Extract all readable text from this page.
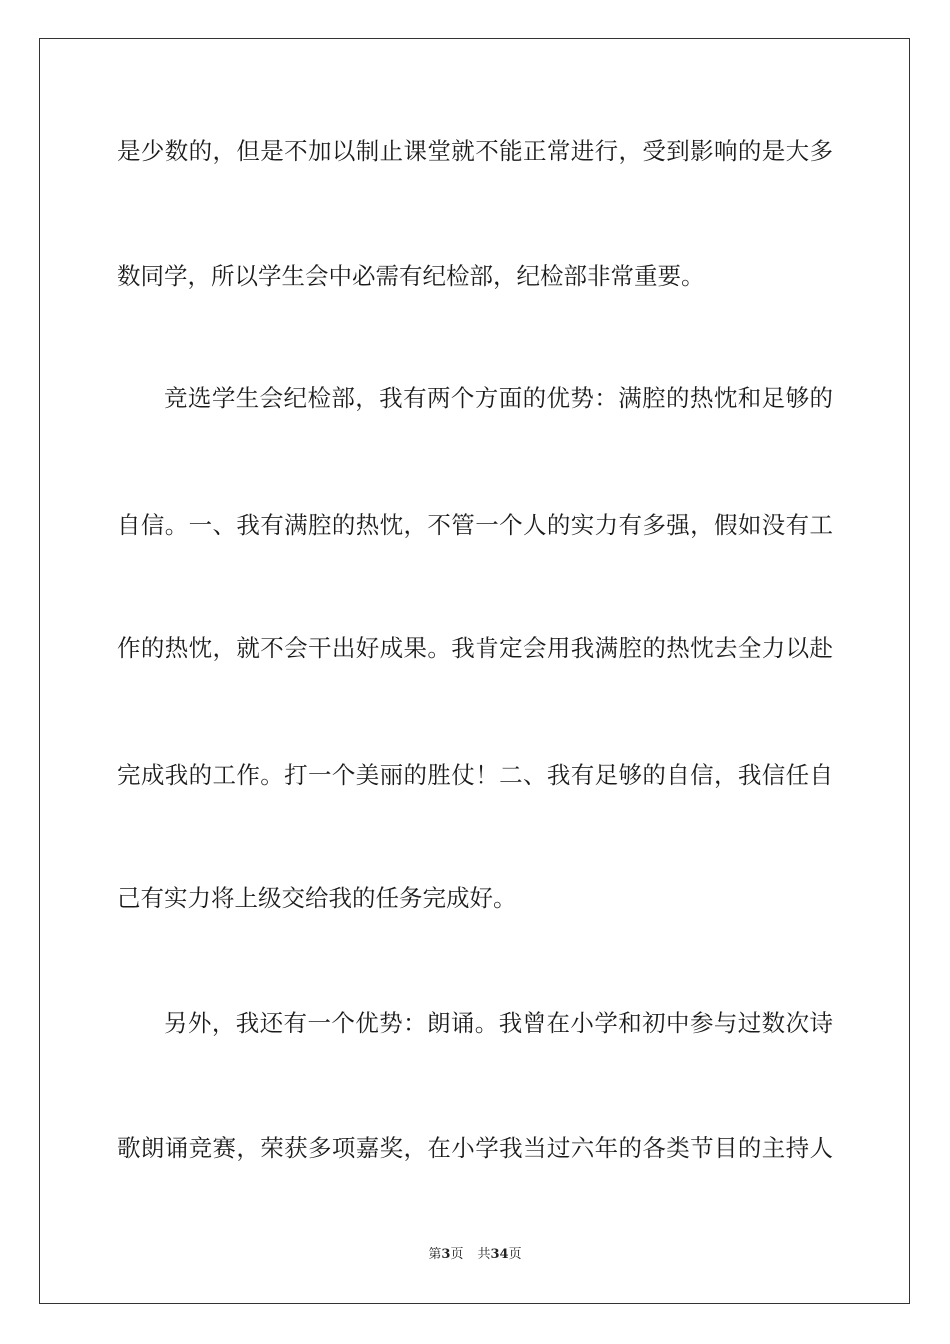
是少数的，但是不加以制止课堂就不能正常进行，受到影响的是大多
数同学，所以学生会中必需有纪检部，纪检部非常重要。
竞选学生会纪检部，我有两个方面的优势：满腔的热忱和足够的
自信。一、我有满腔的热忱，不管一个人的实力有多强，假如没有工
作的热忱，就不会干出好成果。我肯定会用我满腔的热忱去全力以赴
完成我的工作。打一个美丽的胜仗！二、我有足够的自信，我信任自
己有实力将上级交给我的任务完成好。
另外，我还有一个优势：朗诵。我曾在小学和初中参与过数次诗
歌朗诵竞赛，荣获多项嘉奖，在小学我当过六年的各类节目的主持人
第3页 共34页
